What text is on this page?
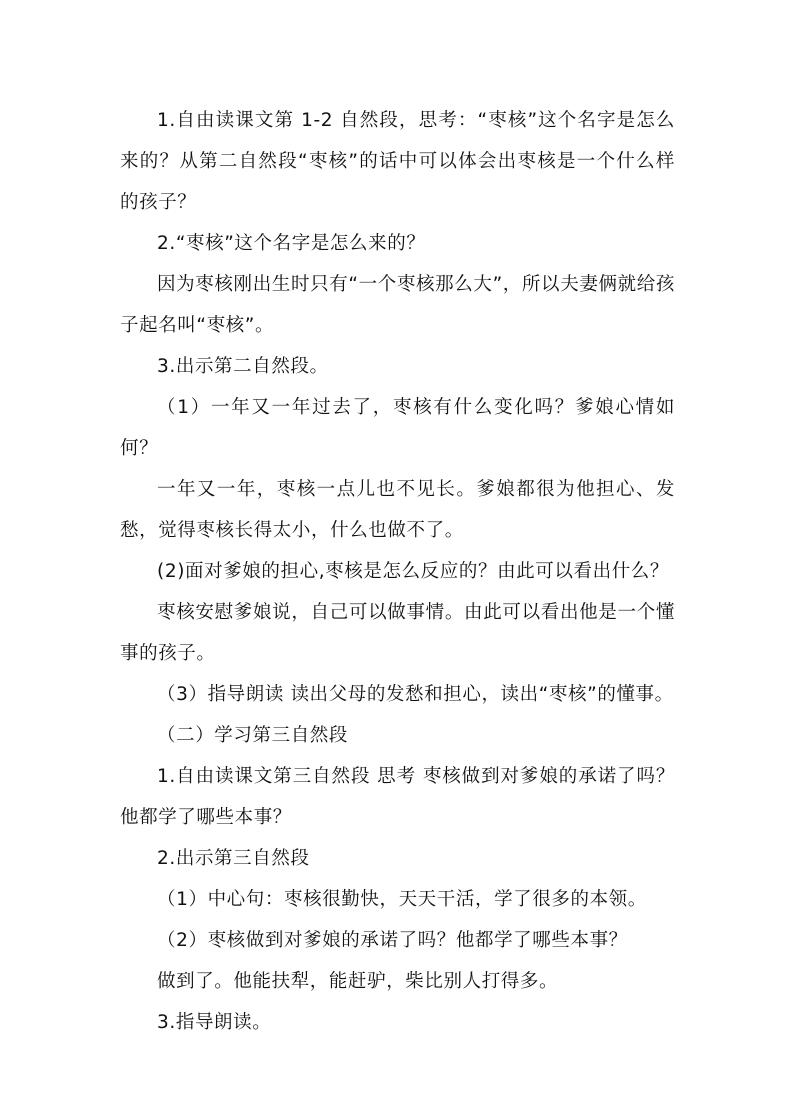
1.自由读课文第 1-2 自然段，思考：“枣核”这个名字是怎么来的？从第二自然段“枣核”的话中可以体会出枣核是一个什么样的孩子？

2.“枣核”这个名字是怎么来的？

因为枣核刚出生时只有“一个枣核那么大”，所以夫妻俩就给孩子起名叫“枣核”。

3.出示第二自然段。

（1）一年又一年过去了，枣核有什么变化吗？爹娘心情如何？

一年又一年，枣核一点儿也不见长。爹娘都很为他担心、发愁，觉得枣核长得太小，什么也做不了。

(2)面对爹娘的担心,枣核是怎么反应的？由此可以看出什么？

枣核安慰爹娘说，自己可以做事情。由此可以看出他是一个懂事的孩子。

（3）指导朗读 读出父母的发愁和担心，读出“枣核”的懂事。

（二）学习第三自然段

1.自由读课文第三自然段 思考 枣核做到对爹娘的承诺了吗？他都学了哪些本事？

2.出示第三自然段

（1）中心句：枣核很勤快，天天干活，学了很多的本领。

（2）枣核做到对爹娘的承诺了吗？他都学了哪些本事？

做到了。他能扶犁，能赶驴，柴比别人打得多。

3.指导朗读。
